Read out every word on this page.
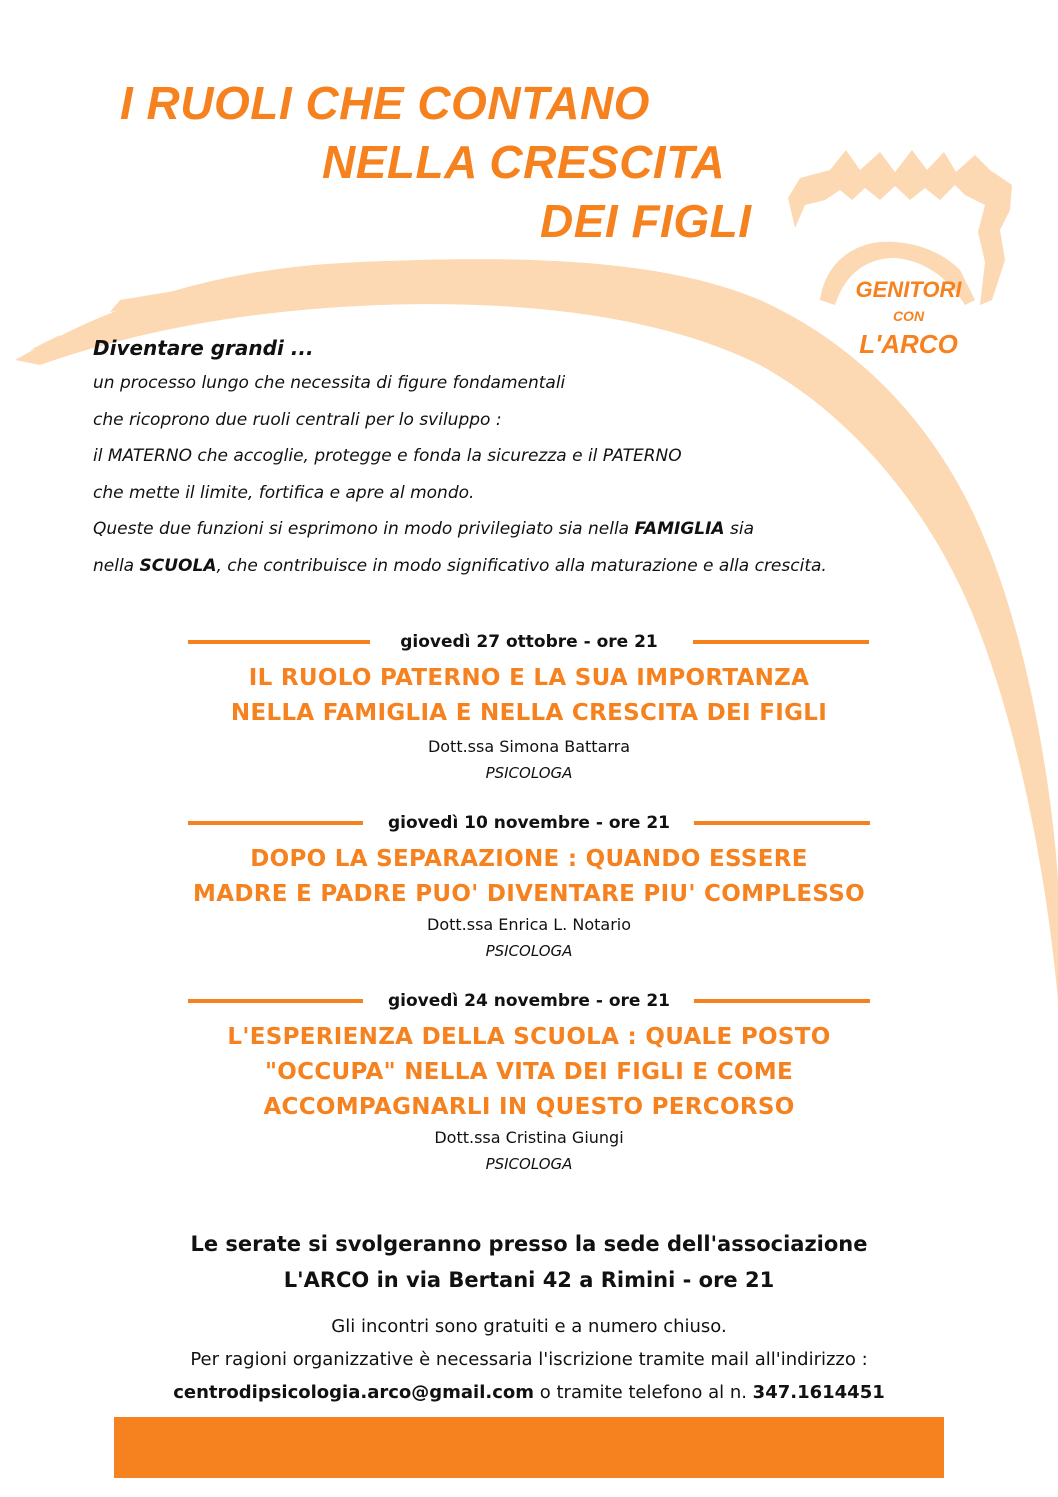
I RUOLI CHE CONTANO
NELLA CRESCITA
DEI FIGLI
GENITORI
CON
L'ARCO
Diventare grandi ...

un processo lungo che necessita di figure fondamentali

che ricoprono due ruoli centrali per lo sviluppo :

il MATERNO che accoglie, protegge e fonda la sicurezza e il PATERNO

che mette il limite, fortifica e apre al mondo.

Queste due funzioni si esprimono in modo privilegiato sia nella FAMIGLIA sia

nella SCUOLA, che contribuisce in modo significativo alla maturazione e alla crescita.

giovedì 27 ottobre - ore 21
IL RUOLO PATERNO E LA SUA IMPORTANZA
NELLA FAMIGLIA E NELLA CRESCITA DEI FIGLI
Dott.ssa Simona Battarra
PSICOLOGA
giovedì 10 novembre - ore 21
DOPO LA SEPARAZIONE : QUANDO ESSERE
MADRE E PADRE PUO' DIVENTARE PIU' COMPLESSO
Dott.ssa Enrica L. Notario
PSICOLOGA
giovedì 24 novembre - ore 21
L'ESPERIENZA DELLA SCUOLA : QUALE POSTO
"OCCUPA" NELLA VITA DEI FIGLI E COME
ACCOMPAGNARLI IN QUESTO PERCORSO
Dott.ssa Cristina Giungi
PSICOLOGA
Le serate si svolgeranno presso la sede dell'associazione
L'ARCO in via Bertani 42 a Rimini - ore 21
Gli incontri sono gratuiti e a numero chiuso.
Per ragioni organizzative è necessaria l'iscrizione tramite mail all'indirizzo :
centrodipsicologia.arco@gmail.com o tramite telefono al n. 347.1614451
